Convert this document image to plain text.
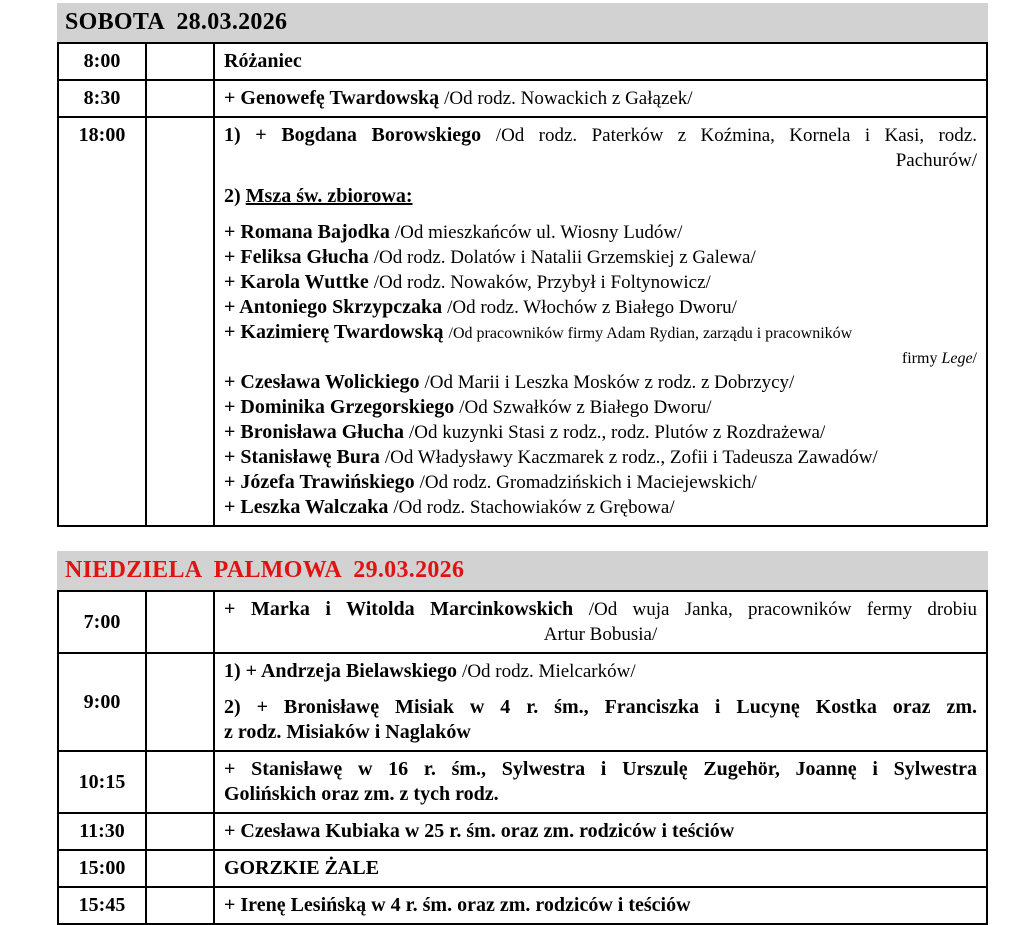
SOBOTA  28.03.2026
8:00		Różaniec

8:30		+ Genowefę Twardowską /Od rodz. Nowackich z Gałązek/

18:00		1) + Bogdana Borowskiego /Od rodz. Paterków z Koźmina, Kornela i Kasi, rodz.
Pachurów/
2) Msza św. zbiorowa:
+ Romana Bajodka /Od mieszkańców ul. Wiosny Ludów/
+ Feliksa Głucha /Od rodz. Dolatów i Natalii Grzemskiej z Galewa/
+ Karola Wuttke /Od rodz. Nowaków, Przybył i Foltynowicz/
+ Antoniego Skrzypczaka /Od rodz. Włochów z Białego Dworu/
+ Kazimierę Twardowską /Od pracowników firmy Adam Rydian, zarządu i pracowników
firmy Lege/
+ Czesława Wolickiego /Od Marii i Leszka Mosków z rodz. z Dobrzycy/
+ Dominika Grzegorskiego /Od Szwałków z Białego Dworu/
+ Bronisława Głucha /Od kuzynki Stasi z rodz., rodz. Plutów z Rozdrażewa/
+ Stanisławę Bura /Od Władysławy Kaczmarek z rodz., Zofii i Tadeusza Zawadów/
+ Józefa Trawińskiego /Od rodz. Gromadzińskich i Maciejewskich/
+ Leszka Walczaka /Od rodz. Stachowiaków z Grębowa/
NIEDZIELA  PALMOWA  29.03.2026
7:00		+ Marka i Witolda Marcinkowskich /Od wuja Janka, pracowników fermy drobiu
Artur Bobusia/

9:00		1) + Andrzeja Bielawskiego /Od rodz. Mielcarków/
2) + Bronisławę Misiak w 4 r. śm., Franciszka i Lucynę Kostka oraz zm.
z rodz. Misiaków i Naglaków

10:15		+ Stanisławę w 16 r. śm., Sylwestra i Urszulę Zugehör, Joannę i Sylwestra
Golińskich oraz zm. z tych rodz.

11:30		+ Czesława Kubiaka w 25 r. śm. oraz zm. rodziców i teściów

15:00		GORZKIE ŻALE

15:45		+ Irenę Lesińską w 4 r. śm. oraz zm. rodziców i teściów
